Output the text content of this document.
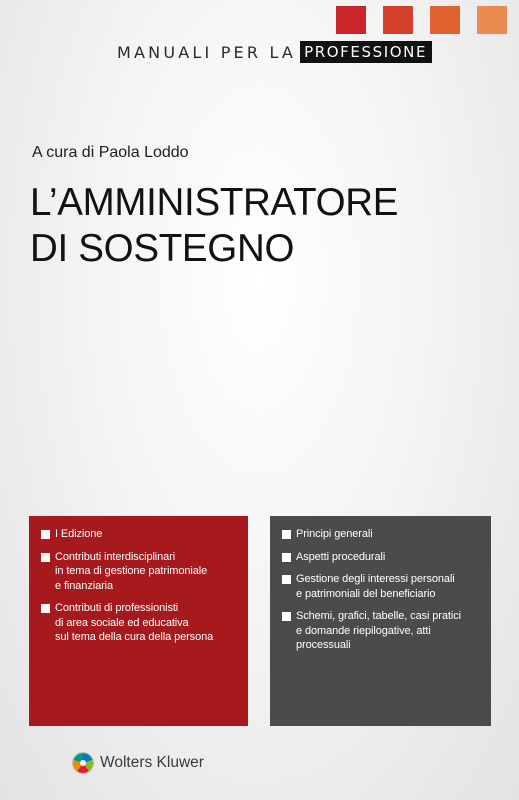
MANUALI PER LA PROFESSIONE
A cura di Paola Loddo
L’AMMINISTRATORE
DI SOSTEGNO
I Edizione
Contributi interdisciplinari
in tema di gestione patrimoniale
e finanziaria
Contributi di professionisti
di area sociale ed educativa
sul tema della cura della persona
Principi generali
Aspetti procedurali
Gestione degli interessi personali
e patrimoniali del beneficiario
Schemi, grafici, tabelle, casi pratici
e domande riepilogative, atti
processuali
Wolters Kluwer
